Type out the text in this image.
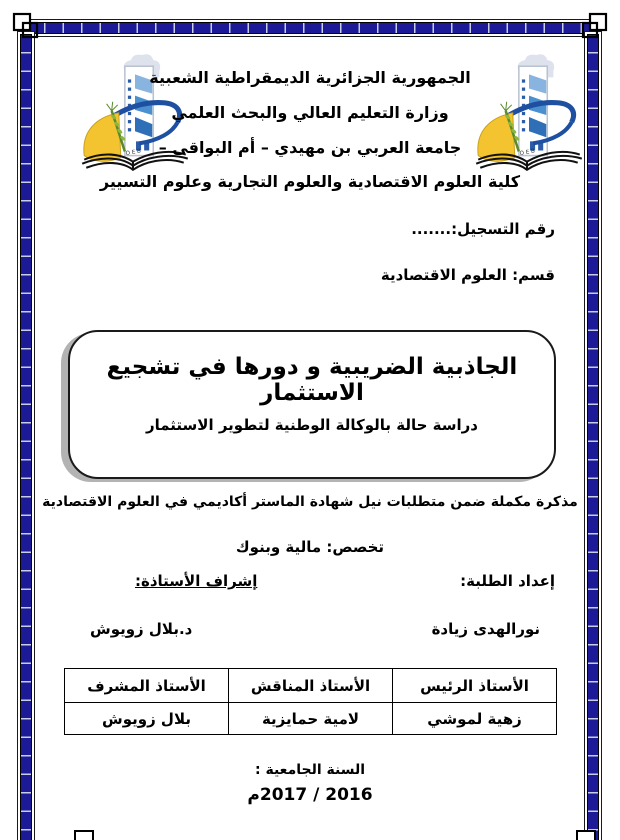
O E B	O E B
الجمهورية الجزائرية الديمقراطية الشعبية
وزارة التعليم العالي والبحث العلمي
جامعة العربي بن مهيدي – أم البواقي –
كلية العلوم الاقتصادية والعلوم التجارية وعلوم التسيير
رقم التسجيل:.......
قسم: العلوم الاقتصادية
الجاذبية الضريبية و دورها في تشجيع الاستثمار
دراسة حالة بالوكالة الوطنية لتطوير الاستثمار
مذكرة مكملة ضمن متطلبات نيل شهادة الماستر أكاديمي في العلوم الاقتصادية
تخصص: مالية وبنوك
إعداد الطلبة:
إشراف الأستاذة:
نورالهدى زيادة
د.بلال زويوش
الأستاذ الرئيس	الأستاذ المناقش	الأستاذ المشرف
زهية لموشي	لامية حمايزية	بلال زويوش
السنة الجامعية :
2016 / 2017م
